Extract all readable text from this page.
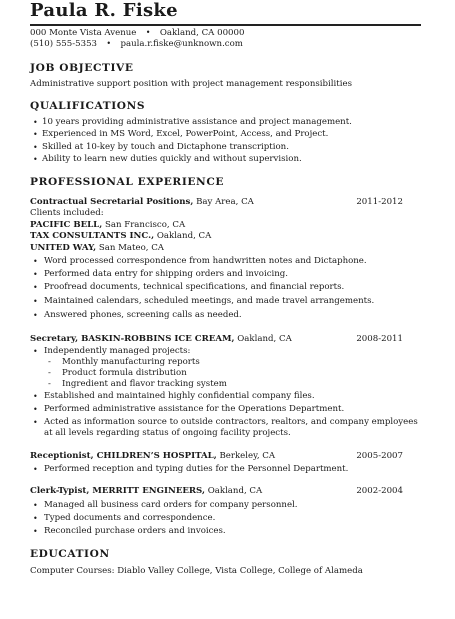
Paula R. Fiske
000 Monte Vista Avenue • Oakland, CA 00000
(510) 555-5353 • paula.r.fiske@unknown.com
JOB OBJECTIVE
Administrative support position with project management responsibilities
QUALIFICATIONS
• 10 years providing administrative assistance and project management.
• Experienced in MS Word, Excel, PowerPoint, Access, and Project.
• Skilled at 10-key by touch and Dictaphone transcription.
• Ability to learn new duties quickly and without supervision.
PROFESSIONAL EXPERIENCE
Contractual Secretarial Positions, Bay Area, CA	2011-2012
Clients included:
PACIFIC BELL, San Francisco, CA
TAX CONSULTANTS INC., Oakland, CA
UNITED WAY, San Mateo, CA
• Word processed correspondence from handwritten notes and Dictaphone.
• Performed data entry for shipping orders and invoicing.
• Proofread documents, technical specifications, and financial reports.
• Maintained calendars, scheduled meetings, and made travel arrangements.
• Answered phones, screening calls as needed.
Secretary, BASKIN-ROBBINS ICE CREAM, Oakland, CA	2008-2011
• Independently managed projects:
- Monthly manufacturing reports
- Product formula distribution
- Ingredient and flavor tracking system
• Established and maintained highly confidential company files.
• Performed administrative assistance for the Operations Department.
• Acted as information source to outside contractors, realtors, and company employees
at all levels regarding status of ongoing facility projects.
Receptionist, CHILDREN’S HOSPITAL, Berkeley, CA	2005-2007
• Performed reception and typing duties for the Personnel Department.
Clerk-Typist, MERRITT ENGINEERS, Oakland, CA	2002-2004
• Managed all business card orders for company personnel.
• Typed documents and correspondence.
• Reconciled purchase orders and invoices.
EDUCATION
Computer Courses: Diablo Valley College, Vista College, College of Alameda
